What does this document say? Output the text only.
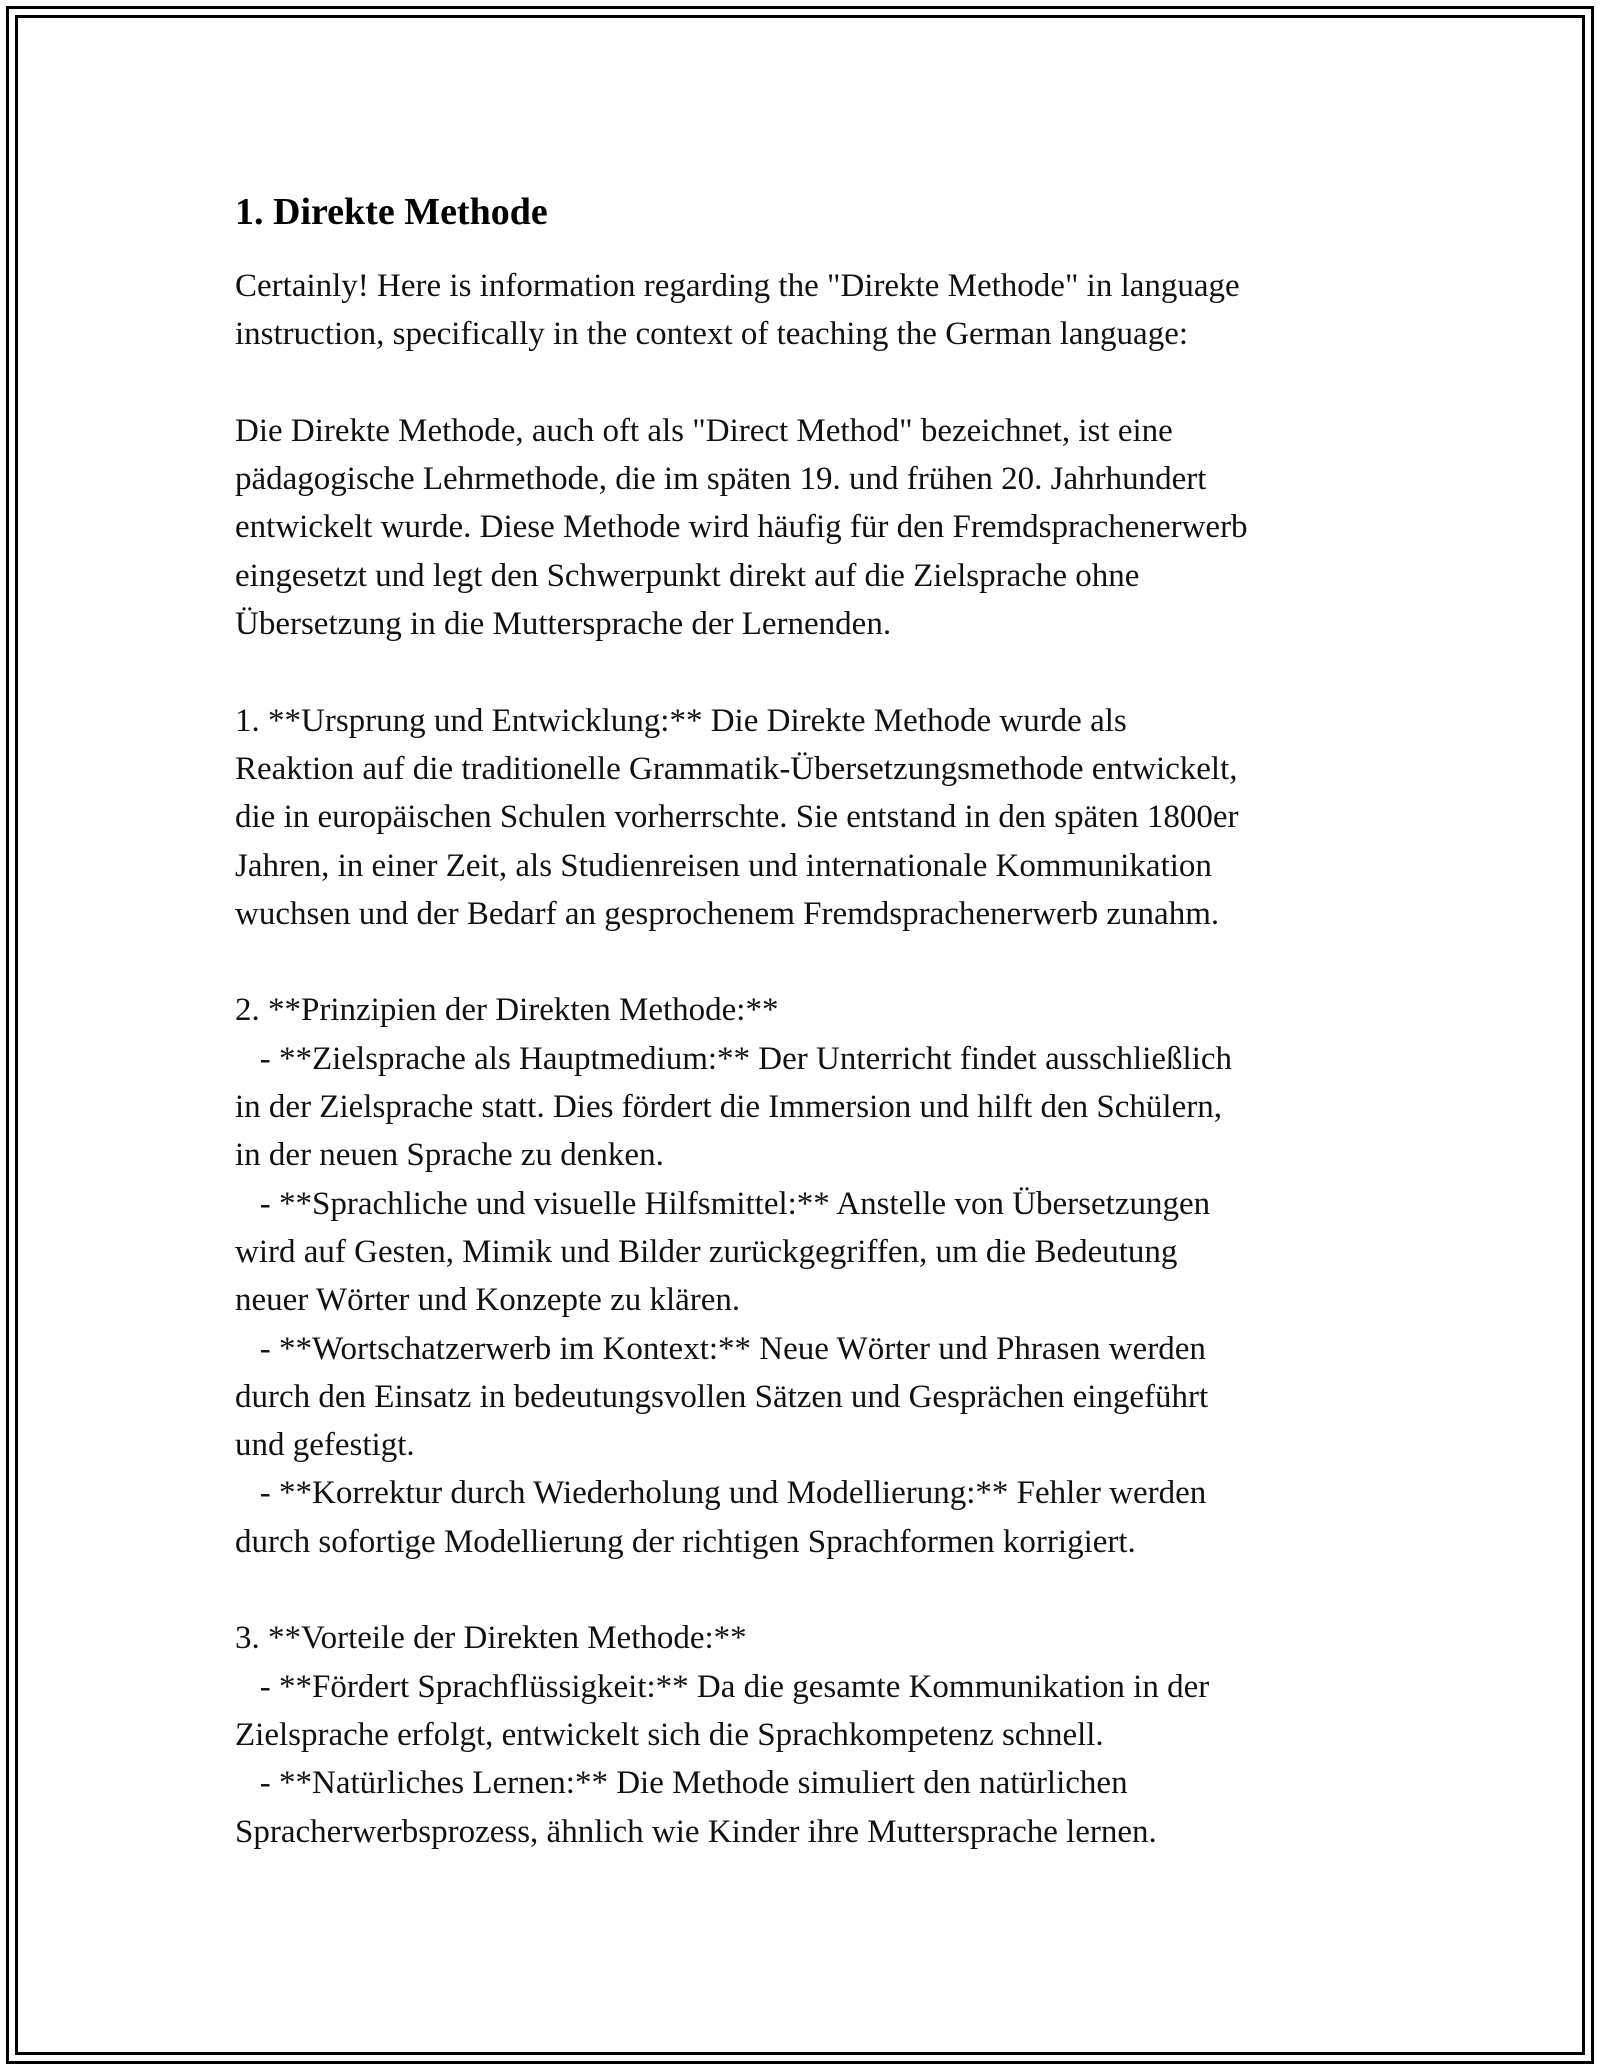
1. Direkte Methode
Certainly! Here is information regarding the "Direkte Methode" in language
instruction, specifically in the context of teaching the German language:
Die Direkte Methode, auch oft als "Direct Method" bezeichnet, ist eine
pädagogische Lehrmethode, die im späten 19. und frühen 20. Jahrhundert
entwickelt wurde. Diese Methode wird häufig für den Fremdsprachenerwerb
eingesetzt und legt den Schwerpunkt direkt auf die Zielsprache ohne
Übersetzung in die Muttersprache der Lernenden.
1. **Ursprung und Entwicklung:** Die Direkte Methode wurde als
Reaktion auf die traditionelle Grammatik-Übersetzungsmethode entwickelt,
die in europäischen Schulen vorherrschte. Sie entstand in den späten 1800er
Jahren, in einer Zeit, als Studienreisen und internationale Kommunikation
wuchsen und der Bedarf an gesprochenem Fremdsprachenerwerb zunahm.
2. **Prinzipien der Direkten Methode:**
- **Zielsprache als Hauptmedium:** Der Unterricht findet ausschließlich
in der Zielsprache statt. Dies fördert die Immersion und hilft den Schülern,
in der neuen Sprache zu denken.
- **Sprachliche und visuelle Hilfsmittel:** Anstelle von Übersetzungen
wird auf Gesten, Mimik und Bilder zurückgegriffen, um die Bedeutung
neuer Wörter und Konzepte zu klären.
- **Wortschatzerwerb im Kontext:** Neue Wörter und Phrasen werden
durch den Einsatz in bedeutungsvollen Sätzen und Gesprächen eingeführt
und gefestigt.
- **Korrektur durch Wiederholung und Modellierung:** Fehler werden
durch sofortige Modellierung der richtigen Sprachformen korrigiert.
3. **Vorteile der Direkten Methode:**
- **Fördert Sprachflüssigkeit:** Da die gesamte Kommunikation in der
Zielsprache erfolgt, entwickelt sich die Sprachkompetenz schnell.
- **Natürliches Lernen:** Die Methode simuliert den natürlichen
Spracherwerbsprozess, ähnlich wie Kinder ihre Muttersprache lernen.
